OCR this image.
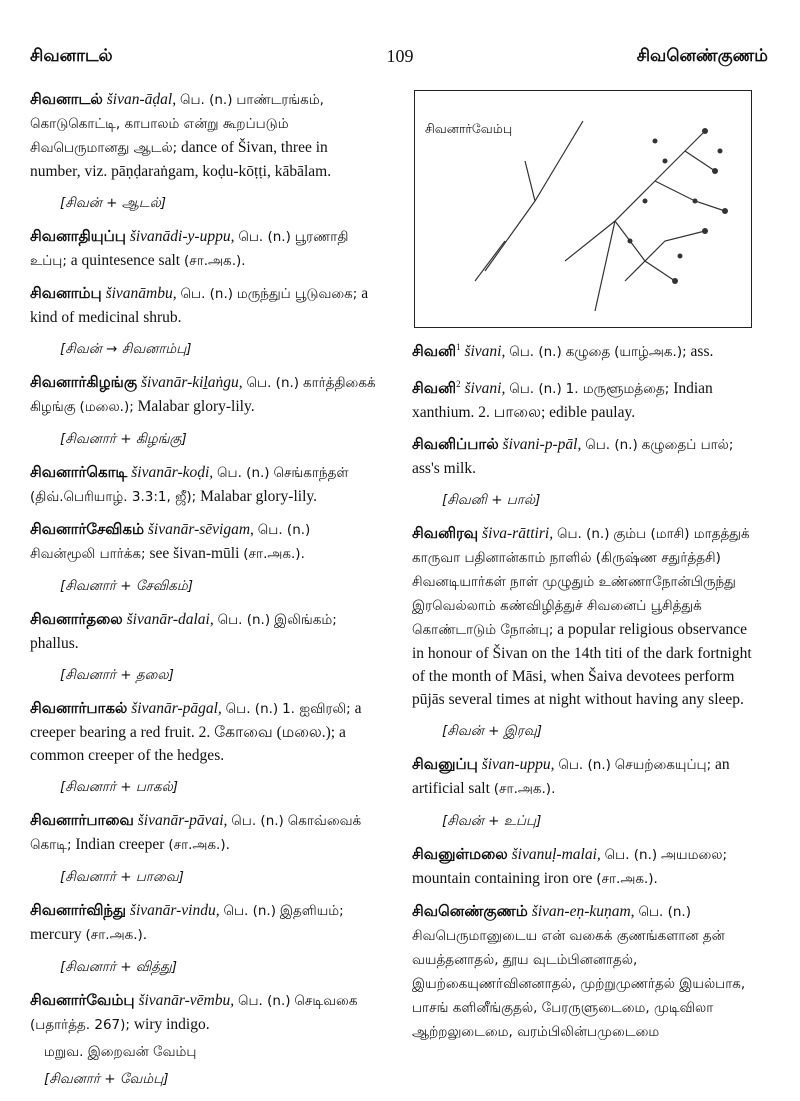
சிவனாடல்	109	சிவனெண்குணம்
சிவனார்வேம்பு
சிவனாடல் šivan-āḍal, பெ. (n.) பாண்டரங்கம், கொடுகொட்டி, காபாலம் என்று கூறப்படும் சிவபெருமானது ஆடல்; dance of Šivan, three in number, viz. pāṇḍaraṅgam, koḍu-kōṭṭi, kābālam.
[சிவன் + ஆடல்]
சிவனாதியுப்பு šivanādi-y-uppu, பெ. (n.) பூரணாதி உப்பு; a quintesence salt (சா.அக.).
சிவனாம்பு šivanāmbu, பெ. (n.) மருந்துப் பூடுவகை; a kind of medicinal shrub.
[சிவன் → சிவனாம்பு]
சிவனார்கிழங்கு šivanār-kiḻaṅgu, பெ. (n.) கார்த்திகைக் கிழங்கு (மலை.); Malabar glory-lily.
[சிவனார் + கிழங்கு]
சிவனார்கொடி šivanār-koḍi, பெ. (n.) செங்காந்தள் (திவ்.பெரியாழ். 3.3:1, ஜீ); Malabar glory-lily.
சிவனார்சேவிகம் šivanār-sēvigam, பெ. (n.) சிவன்மூலி பார்க்க; see šivan-mūli (சா.அக.).
[சிவனார் + சேவிகம்]
சிவனார்தலை šivanār-dalai, பெ. (n.) இலிங்கம்; phallus.
[சிவனார் + தலை]
சிவனார்பாகல் šivanār-pāgal, பெ. (n.) 1. ஐவிரலி; a creeper bearing a red fruit. 2. கோவை (மலை.); a common creeper of the hedges.
[சிவனார் + பாகல்]
சிவனார்பாவை šivanār-pāvai, பெ. (n.) கொவ்வைக் கொடி; Indian creeper (சா.அக.).
[சிவனார் + பாவை]
சிவனார்விந்து šivanār-vindu, பெ. (n.) இதளியம்; mercury (சா.அக.).
[சிவனார் + வித்து]
சிவனார்வேம்பு šivanār-vēmbu, பெ. (n.) செடிவகை (பதார்த்த. 267); wiry indigo.
மறுவ. இறைவன் வேம்பு
[சிவனார் + வேம்பு]
சிவனி$^1$ šivani, பெ. (n.) கழுதை (யாழ்அக.); ass.
சிவனி$^2$ šivani, பெ. (n.) 1. மருளூமத்தை; Indian xanthium. 2. பாலை; edible paulay.
சிவனிப்பால் šivani-p-pāl, பெ. (n.) கழுதைப் பால்; ass's milk.
[சிவனி + பால்]
சிவனிரவு šiva-rāttiri, பெ. (n.) கும்ப (மாசி) மாதத்துக் காருவா பதினான்காம் நாளில் (கிருஷ்ண சதுர்த்தசி) சிவனடியார்கள் நாள் முழுதும் உண்ணாநோன்பிருந்து இரவெல்லாம் கண்விழித்துச் சிவனைப் பூசித்துக் கொண்டாடும் நோன்பு; a popular religious observance in honour of Šivan on the 14th titi of the dark fortnight of the month of Māsi, when Šaiva devotees perform pūjās several times at night without having any sleep.
[சிவன் + இரவு]
சிவனுப்பு šivan-uppu, பெ. (n.) செயற்கையுப்பு; an artificial salt (சா.அக.).
[சிவன் + உப்பு]
சிவனுள்மலை šivanuḷ-malai, பெ. (n.) அயமலை; mountain containing iron ore (சா.அக.).
சிவனெண்குணம் šivan-eṇ-kuṇam, பெ. (n.) சிவபெருமானுடைய என் வகைக் குணங்களான தன் வயத்தனாதல், தூய வுடம்பினனாதல், இயற்கையுணர்வினனாதல், முற்றுமுணர்தல் இயல்பாக, பாசங் களினீங்குதல், பேரருளுடைமை, முடிவிலா ஆற்றலுடைமை, வரம்பிலின்பமுடைமை
